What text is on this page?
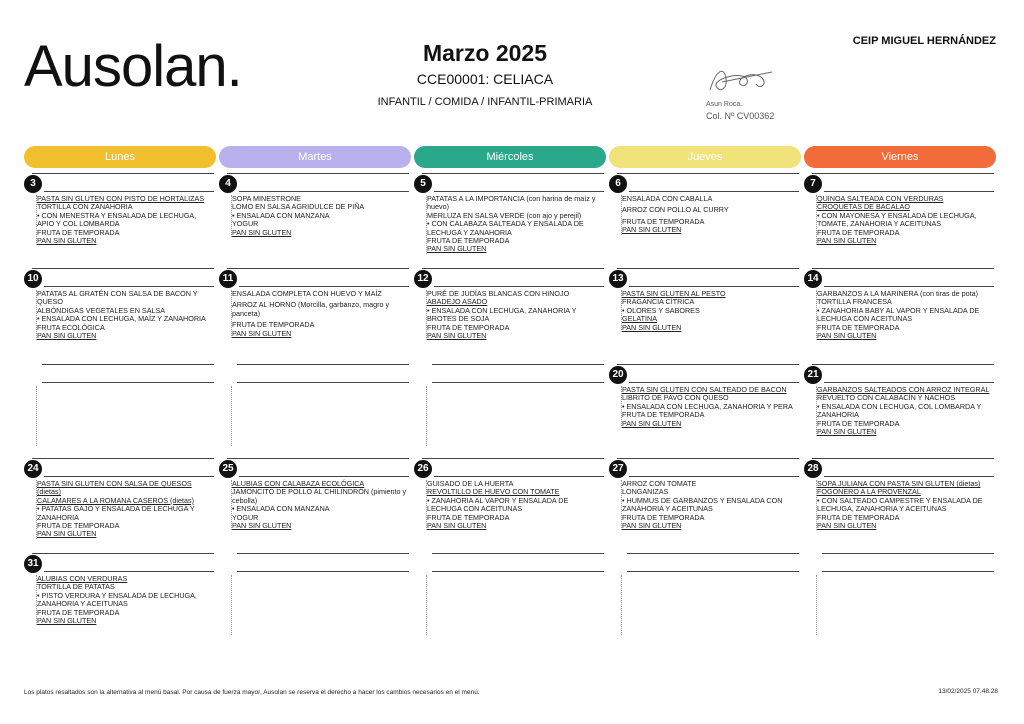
Ausolan.	Marzo 2025
CCE00001: CELIACA
INFANTIL / COMIDA / INFANTIL-PRIMARIA
CEIP MIGUEL HERNÁNDEZ
Asun Roca.
Col. Nº CV00362
Lunes	Martes	Miércoles	Jueves	Viernes
3
PASTA SIN GLUTEN CON PISTO DE HORTALIZAS
TORTILLA CON ZANAHORIA
• CON MENESTRA Y ENSALADA DE LECHUGA, APIO Y COL LOMBARDA
FRUTA DE TEMPORADA
PAN SIN GLUTEN
4
SOPA MINESTRONE
LOMO EN SALSA AGRIDULCE DE PIÑA
• ENSALADA CON MANZANA
YOGUR
PAN SIN GLUTEN
5
PATATAS A LA IMPORTANCIA (con harina de maíz y huevo)
MERLUZA EN SALSA VERDE (con ajo y perejil)
• CON CALABAZA SALTEADA Y ENSALADA DE LECHUGA Y ZANAHORIA
FRUTA DE TEMPORADA
PAN SIN GLUTEN
6
ENSALADA CON CABALLA
ARROZ CON POLLO AL CURRY
FRUTA DE TEMPORADA
PAN SIN GLUTEN
7
QUINOA SALTEADA CON VERDURAS
CROQUETAS DE BACALAO
• CON MAYONESA Y ENSALADA DE LECHUGA, TOMATE, ZANAHORIA Y ACEITUNAS
FRUTA DE TEMPORADA
PAN SIN GLUTEN
10
PATATAS AL GRATÉN CON SALSA DE BACON Y QUESO
ALBÓNDIGAS VEGETALES EN SALSA
• ENSALADA CON LECHUGA, MAÍZ Y ZANAHORIA
FRUTA ECOLÓGICA
PAN SIN GLUTEN
11
ENSALADA COMPLETA CON HUEVO Y MAÍZ
ARROZ AL HORNO (Morcilla, garbanzo, magro y panceta)
FRUTA DE TEMPORADA
PAN SIN GLUTEN
12
PURÉ DE JUDÍAS BLANCAS CON HINOJO
ABADEJO ASADO
• ENSALADA CON LECHUGA, ZANAHORIA Y BROTES DE SOJA
FRUTA DE TEMPORADA
PAN SIN GLUTEN
13
PASTA SIN GLUTEN AL PESTO
FRAGANCIA CÍTRICA
• OLORES Y SABORES
GELATINA
PAN SIN GLUTEN
14
GARBANZOS A LA MARINERA (con tiras de pota)
TORTILLA FRANCESA
• ZANAHORIA BABY AL VAPOR Y ENSALADA DE LECHUGA CON ACEITUNAS
FRUTA DE TEMPORADA
PAN SIN GLUTEN
20
PASTA SIN GLUTEN CON SALTEADO DE BACON
LIBRITO DE PAVO CON QUESO
• ENSALADA CON LECHUGA, ZANAHORIA Y PERA
FRUTA DE TEMPORADA
PAN SIN GLUTEN
21
GARBANZOS SALTEADOS CON ARROZ INTEGRAL
REVUELTO CON CALABACÍN Y NACHOS
• ENSALADA CON LECHUGA, COL LOMBARDA Y ZANAHORIA
FRUTA DE TEMPORADA
PAN SIN GLUTEN
24
PASTA SIN GLUTEN CON SALSA DE QUESOS (dietas)
CALAMARES A LA ROMANA CASEROS (dietas)
• PATATAS GAJO Y ENSALADA DE LECHUGA Y ZANAHORIA
FRUTA DE TEMPORADA
PAN SIN GLUTEN
25
ALUBIAS CON CALABAZA ECOLÓGICA
JAMONCITO DE POLLO AL CHILINDRÓN (pimiento y cebolla)
• ENSALADA CON MANZANA
YOGUR
PAN SIN GLUTEN
26
GUISADO DE LA HUERTA
REVOLTILLO DE HUEVO CON TOMATE
• ZANAHORIA AL VAPOR Y ENSALADA DE LECHUGA CON ACEITUNAS
FRUTA DE TEMPORADA
PAN SIN GLUTEN
27
ARROZ CON TOMATE
LONGANIZAS
• HUMMUS DE GARBANZOS Y ENSALADA CON ZANAHORIA Y ACEITUNAS
FRUTA DE TEMPORADA
PAN SIN GLUTEN
28
SOPA JULIANA CON PASTA SIN GLUTEN (dietas)
FOGONERO A LA PROVENZAL
• CON SALTEADO CAMPESTRE Y ENSALADA DE LECHUGA, ZANAHORIA Y ACEITUNAS
FRUTA DE TEMPORADA
PAN SIN GLUTEN
31
ALUBIAS CON VERDURAS
TORTILLA DE PATATAS
• PISTO VERDURA Y ENSALADA DE LECHUGA, ZANAHORIA Y ACEITUNAS
FRUTA DE TEMPORADA
PAN SIN GLUTEN
Los platos resaltados son la alternativa al menú basal. Por causa de fuerza mayor, Ausolan se reserva el derecho a hacer los cambios necesarios en el menú.	13/02/2025 07.48.28
